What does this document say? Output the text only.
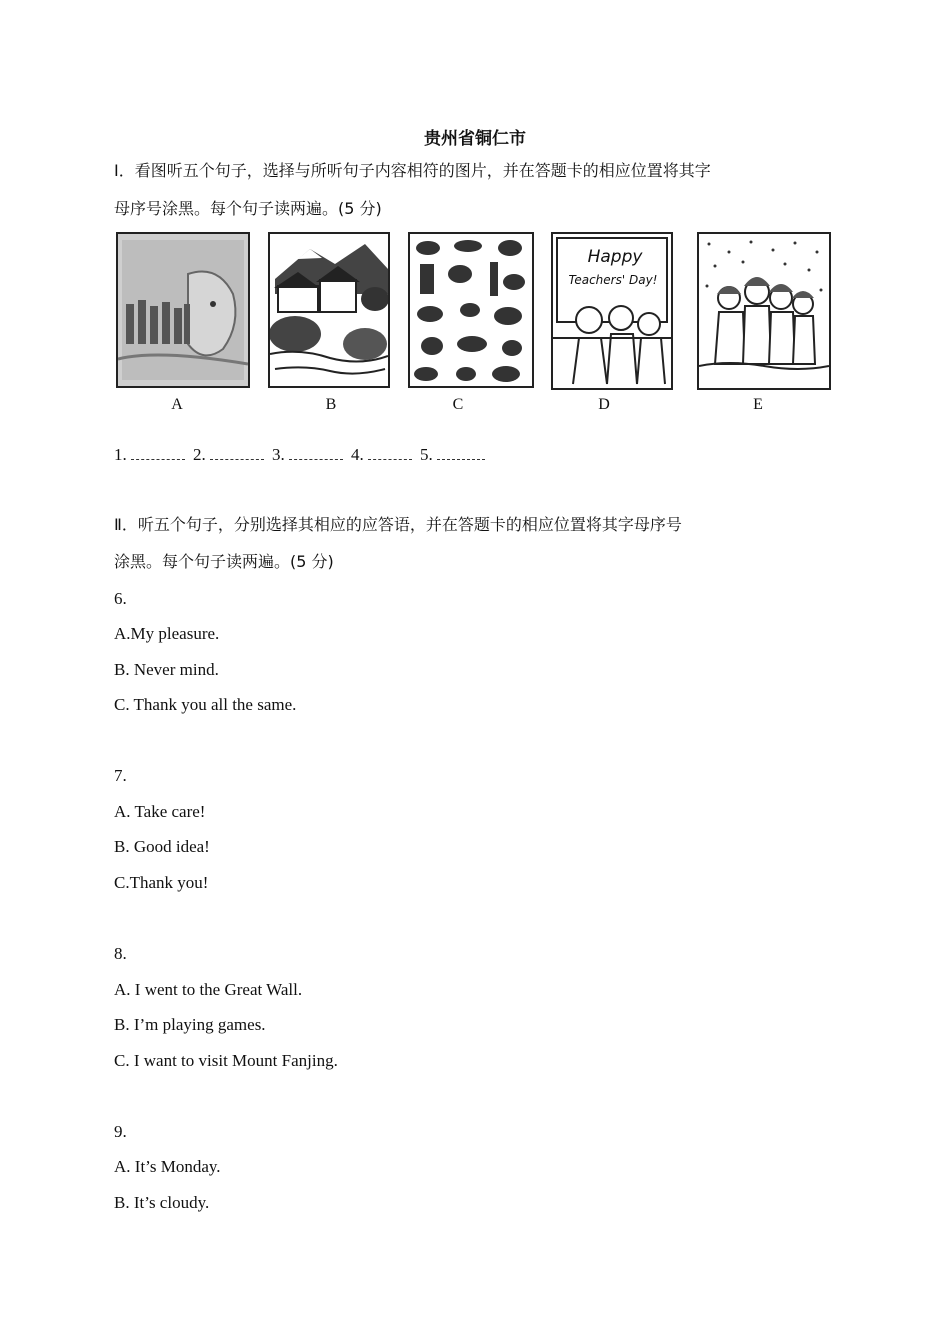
贵州省铜仁市
I．看图听五个句子，选择与所听句子内容相符的图片，并在答题卡的相应位置将其字
母序号涂黑。每个句子读两遍。(5 分)
A	B	C
Happy
Teachers' Day!
D	E
1.	2.	3.	4.	5.
Ⅱ．听五个句子，分别选择其相应的应答语，并在答题卡的相应位置将其字母序号
涂黑。每个句子读两遍。(5 分)
6.
A.My pleasure.
B. Never mind.
C. Thank you all the same.
7.
A. Take care!
B. Good idea!
C.Thank you!
8.
A. I went to the Great Wall.
B. I’m playing games.
C. I want to visit Mount Fanjing.
9.
A. It’s Monday.
B. It’s cloudy.
